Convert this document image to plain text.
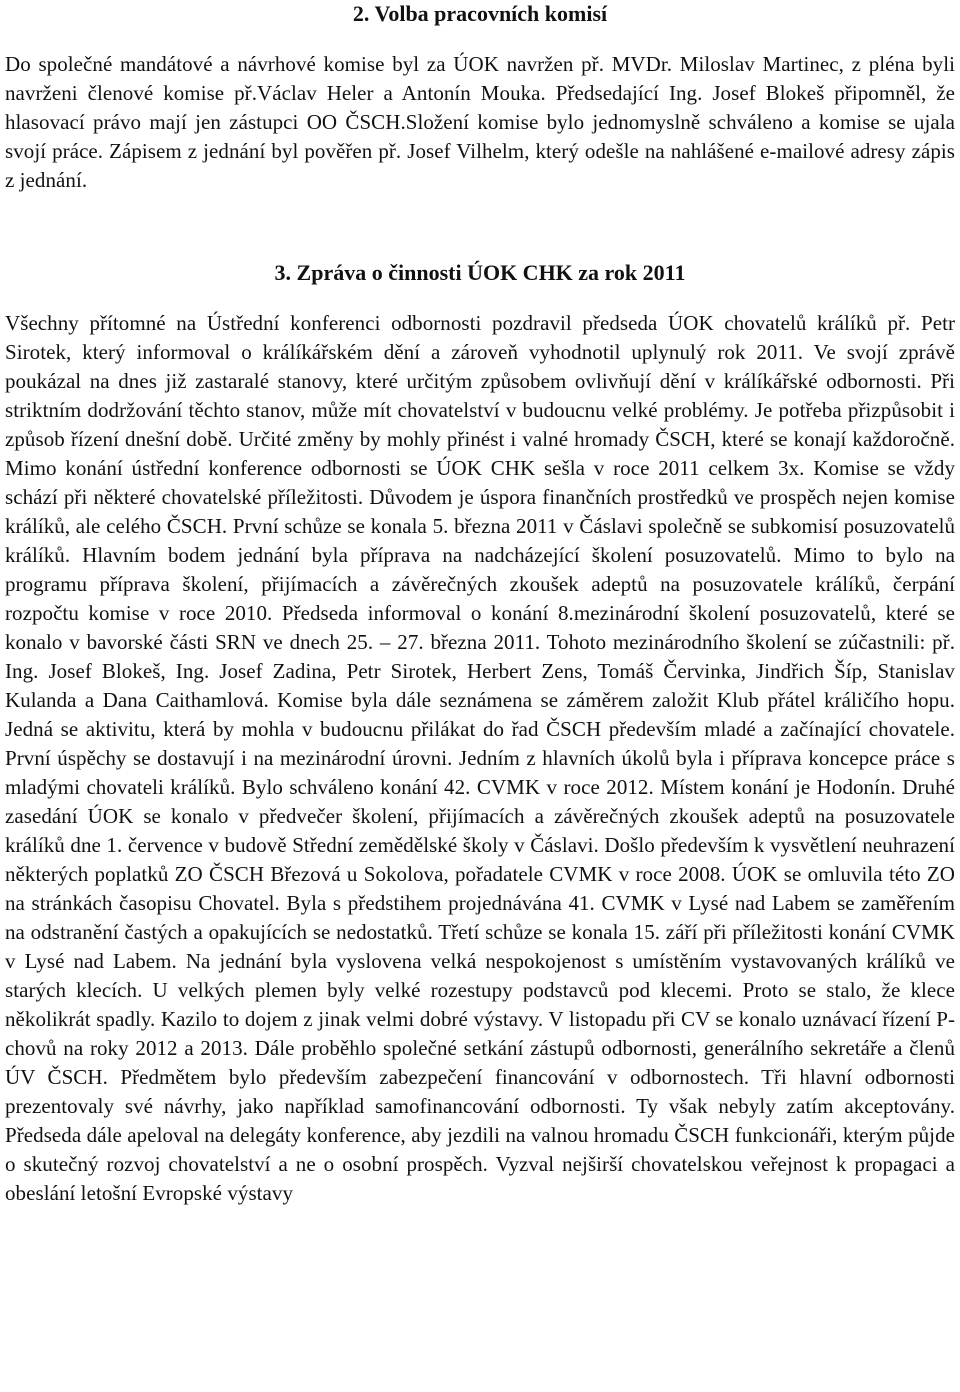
2. Volba pracovních komisí

Do společné mandátové a návrhové komise byl za ÚOK navržen př. MVDr. Miloslav Martinec, z pléna byli navrženi členové komise př.Václav Heler a Antonín Mouka. Předsedající Ing. Josef Blokeš připomněl, že hlasovací právo mají jen zástupci OO ČSCH.Složení komise bylo jednomyslně schváleno a komise se ujala svojí práce. Zápisem z jednání byl pověřen př. Josef Vilhelm, který odešle na nahlášené e-mailové adresy zápis z jednání.

3. Zpráva o činnosti ÚOK CHK za rok 2011

Všechny přítomné na Ústřední konferenci odbornosti pozdravil předseda ÚOK chovatelů králíků př. Petr Sirotek, který informoval o králíkářském dění a zároveň vyhodnotil uplynulý rok 2011. Ve svojí zprávě poukázal na dnes již zastaralé stanovy, které určitým způsobem ovlivňují dění v králíkářské odbornosti. Při striktním dodržování těchto stanov, může mít chovatelství v budoucnu velké problémy. Je potřeba přizpůsobit i způsob řízení dnešní době. Určité změny by mohly přinést i valné hromady ČSCH, které se konají každoročně. Mimo konání ústřední konference odbornosti se ÚOK CHK sešla v roce 2011 celkem 3x. Komise se vždy schází při některé chovatelské příležitosti. Důvodem je úspora finančních prostředků ve prospěch nejen komise králíků, ale celého ČSCH. První schůze se konala 5. března 2011 v Čáslavi společně se subkomisí posuzovatelů králíků. Hlavním bodem jednání byla příprava na nadcházející školení posuzovatelů. Mimo to bylo na programu příprava školení, přijímacích a závěrečných zkoušek adeptů na posuzovatele králíků, čerpání rozpočtu komise v roce 2010. Předseda informoval o konání 8.mezinárodní školení posuzovatelů, které se konalo v bavorské části SRN ve dnech 25. – 27. března 2011. Tohoto mezinárodního školení se zúčastnili: př. Ing. Josef Blokeš, Ing. Josef Zadina, Petr Sirotek, Herbert Zens, Tomáš Červinka, Jindřich Šíp, Stanislav Kulanda a Dana Caithamlová. Komise byla dále seznámena se záměrem založit Klub přátel králičího hopu. Jedná se aktivitu, která by mohla v budoucnu přilákat do řad ČSCH především mladé a začínající chovatele. První úspěchy se dostavují i na mezinárodní úrovni. Jedním z hlavních úkolů byla i příprava koncepce práce s mladými chovateli králíků. Bylo schváleno konání 42. CVMK v roce 2012. Místem konání je Hodonín. Druhé zasedání ÚOK se konalo v předvečer školení, přijímacích a závěrečných zkoušek adeptů na posuzovatele králíků dne 1. července v budově Střední zemědělské školy v Čáslavi. Došlo především k vysvětlení neuhrazení některých poplatků ZO ČSCH Březová u Sokolova, pořadatele CVMK v roce 2008. ÚOK se omluvila této ZO na stránkách časopisu Chovatel. Byla s předstihem projednávána 41. CVMK v Lysé nad Labem se zaměřením na odstranění častých a opakujících se nedostatků. Třetí schůze se konala 15. září při příležitosti konání CVMK v Lysé nad Labem. Na jednání byla vyslovena velká nespokojenost s umístěním vystavovaných králíků ve starých klecích. U velkých plemen byly velké rozestupy podstavců pod klecemi. Proto se stalo, že klece několikrát spadly. Kazilo to dojem z jinak velmi dobré výstavy. V listopadu při CV se konalo uznávací řízení P- chovů na roky 2012 a 2013. Dále proběhlo společné setkání zástupů odbornosti, generálního sekretáře a členů ÚV ČSCH. Předmětem bylo především zabezpečení financování v odbornostech. Tři hlavní odbornosti prezentovaly své návrhy, jako například samofinancování odbornosti. Ty však nebyly zatím akceptovány. Předseda dále apeloval na delegáty konference, aby jezdili na valnou hromadu ČSCH funkcionáři, kterým půjde o skutečný rozvoj chovatelství a ne o osobní prospěch. Vyzval nejširší chovatelskou veřejnost k propagaci a obeslání letošní Evropské výstavy
